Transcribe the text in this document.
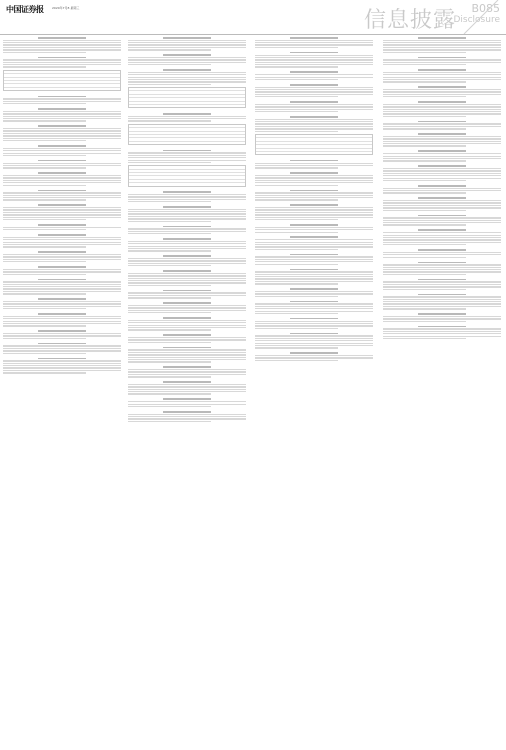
中国证券报	2020年7月8 星期三	信息披露 B085
Disclosure
